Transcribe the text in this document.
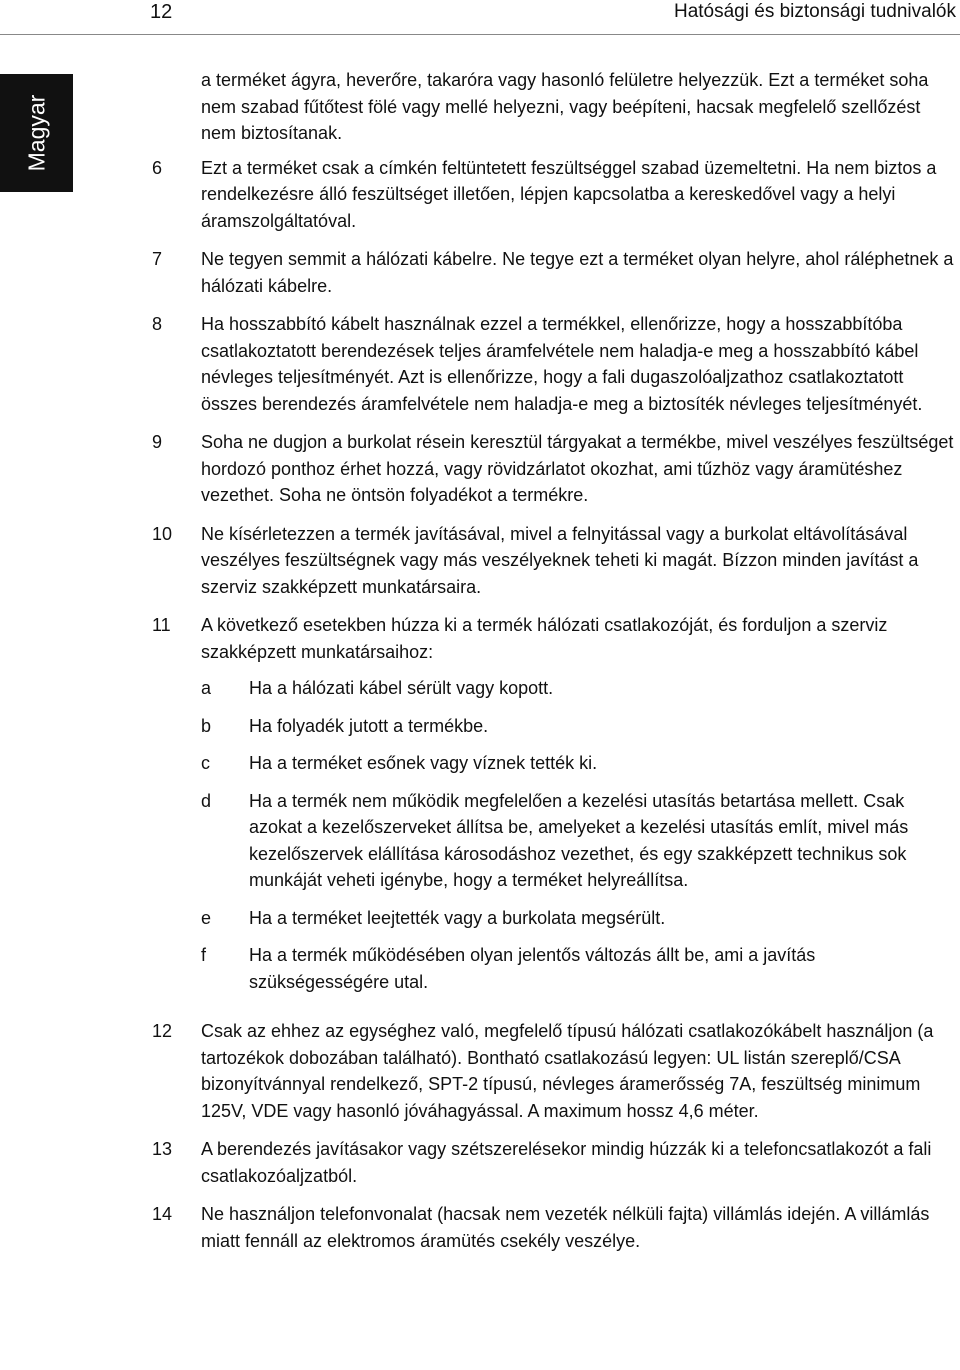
12	Hatósági és biztonsági tudnivalók
Magyar
a terméket ágyra, heverőre, takaróra vagy hasonló felületre helyezzük. Ezt a terméket soha nem szabad fűtőtest fölé vagy mellé helyezni, vagy beépíteni, hacsak megfelelő szellőzést nem biztosítanak.
6	Ezt a terméket csak a címkén feltüntetett feszültséggel szabad üzemeltetni. Ha nem biztos a rendelkezésre álló feszültséget illetően, lépjen kapcsolatba a kereskedővel vagy a helyi áramszolgáltatóval.
7	Ne tegyen semmit a hálózati kábelre. Ne tegye ezt a terméket olyan helyre, ahol ráléphetnek a hálózati kábelre.
8	Ha hosszabbító kábelt használnak ezzel a termékkel, ellenőrizze, hogy a hosszabbítóba csatlakoztatott berendezések teljes áramfelvétele nem haladja-e meg a hosszabbító kábel névleges teljesítményét. Azt is ellenőrizze, hogy a fali dugaszolóaljzathoz csatlakoztatott összes berendezés áramfelvétele nem haladja-e meg a biztosíték névleges teljesítményét.
9	Soha ne dugjon a burkolat résein keresztül tárgyakat a termékbe, mivel veszélyes feszültséget hordozó ponthoz érhet hozzá, vagy rövidzárlatot okozhat, ami tűzhöz vagy áramütéshez vezethet. Soha ne öntsön folyadékot a termékre.
10	Ne kísérletezzen a termék javításával, mivel a felnyitással vagy a burkolat eltávolításával veszélyes feszültségnek vagy más veszélyeknek teheti ki magát. Bízzon minden javítást a szerviz szakképzett munkatársaira.
11	A következő esetekben húzza ki a termék hálózati csatlakozóját, és forduljon a szerviz szakképzett munkatársaihoz:
a	Ha a hálózati kábel sérült vagy kopott.
b	Ha folyadék jutott a termékbe.
c	Ha a terméket esőnek vagy víznek tették ki.
d	Ha a termék nem működik megfelelően a kezelési utasítás betartása mellett. Csak azokat a kezelőszerveket állítsa be, amelyeket a kezelési utasítás említ, mivel más kezelőszervek elállítása károsodáshoz vezethet, és egy szakképzett technikus sok munkáját veheti igénybe, hogy a terméket helyreállítsa.
e	Ha a terméket leejtették vagy a burkolata megsérült.
f	Ha a termék működésében olyan jelentős változás állt be, ami a javítás szükségességére utal.
12	Csak az ehhez az egységhez való, megfelelő típusú hálózati csatlakozókábelt használjon (a tartozékok dobozában található). Bontható csatlakozású legyen: UL listán szereplő/CSA bizonyítvánnyal rendelkező, SPT-2 típusú, névleges áramerősség 7A, feszültség minimum 125V, VDE vagy hasonló jóváhagyással. A maximum hossz 4,6 méter.
13	A berendezés javításakor vagy szétszerelésekor mindig húzzák ki a telefoncsatlakozót a fali csatlakozóaljzatból.
14	Ne használjon telefonvonalat (hacsak nem vezeték nélküli fajta) villámlás idején. A villámlás miatt fennáll az elektromos áramütés csekély veszélye.
